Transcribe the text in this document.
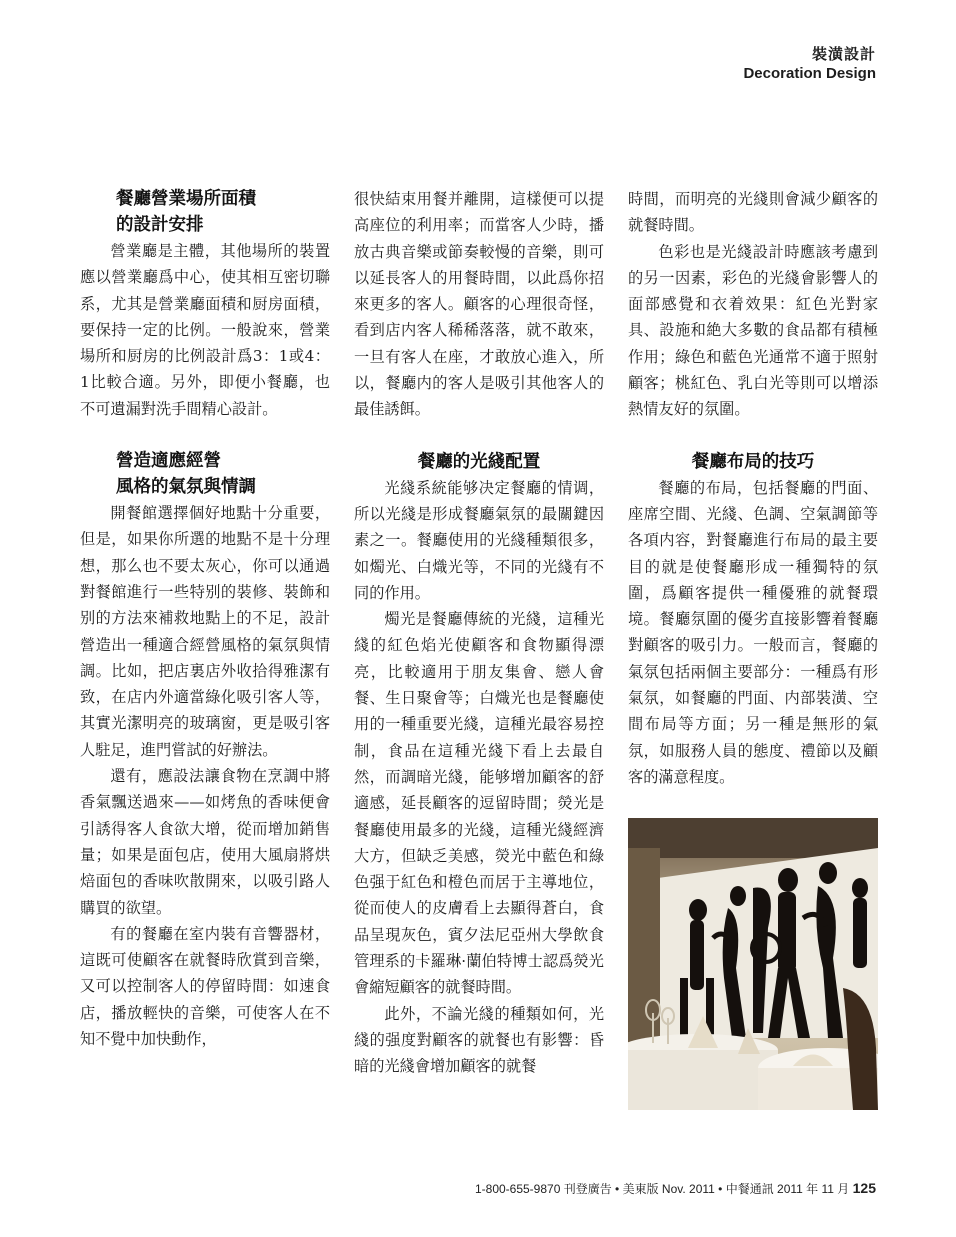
裝潢設計
Decoration Design
餐廳營業場所面積
的設計安排

營業廳是主體，其他場所的裝置應以營業廳爲中心，使其相互密切聯系，尤其是營業廳面積和厨房面積，要保持一定的比例。一般說來，營業場所和厨房的比例設計爲3：1或4：1比較合適。另外，即便小餐廳，也不可遺漏對洗手間精心設計。

營造適應經營
風格的氣氛與情調

開餐館選擇個好地點十分重要，但是，如果你所選的地點不是十分理想，那么也不要太灰心，你可以通過對餐館進行一些特别的裝修、裝飾和别的方法來補救地點上的不足，設計營造出一種適合經營風格的氣氛與情調。比如，把店裏店外收拾得雅潔有致，在店内外適當綠化吸引客人等，其實光潔明亮的玻璃窗，更是吸引客人駐足，進門嘗試的好辦法。

還有，應設法讓食物在烹調中將香氣飄送過來——如烤魚的香味便會引誘得客人食欲大增，從而增加銷售量；如果是面包店，使用大風扇將烘焙面包的香味吹散開來，以吸引路人購買的欲望。

有的餐廳在室内裝有音響器材，這既可使顧客在就餐時欣賞到音樂，又可以控制客人的停留時間：如速食店，播放輕快的音樂，可使客人在不知不覺中加快動作，

很快結束用餐并離開，這樣便可以提高座位的利用率；而當客人少時，播放古典音樂或節奏較慢的音樂，則可以延長客人的用餐時間，以此爲你招來更多的客人。顧客的心理很奇怪，看到店内客人稀稀落落，就不敢來，一旦有客人在座，才敢放心進入，所以，餐廳内的客人是吸引其他客人的最佳誘餌。

餐廳的光綫配置

光綫系統能够决定餐廳的情调，所以光綫是形成餐廳氣氛的最關鍵因素之一。餐廳使用的光綫種類很多，如燭光、白熾光等，不同的光綫有不同的作用。

燭光是餐廳傳統的光綫，這種光綫的紅色焰光使顧客和食物顯得漂亮，比較適用于朋友集會、戀人會餐、生日聚會等；白熾光也是餐廳使用的一種重要光綫，這種光最容易控制，食品在這種光綫下看上去最自然，而調暗光綫，能够增加顧客的舒適感，延長顧客的逗留時間；熒光是餐廳使用最多的光綫，這種光綫經濟大方，但缺乏美感，熒光中藍色和綠色强于紅色和橙色而居于主導地位，從而使人的皮膚看上去顯得蒼白，食品呈現灰色，賓夕法尼亞州大學飲食管理系的卡羅琳·蘭伯特博士認爲熒光會縮短顧客的就餐時間。

此外，不論光綫的種類如何，光綫的强度對顧客的就餐也有影響：昏暗的光綫會增加顧客的就餐

時間，而明亮的光綫則會減少顧客的就餐時間。

色彩也是光綫設計時應該考慮到的另一因素，彩色的光綫會影響人的面部感覺和衣着效果：紅色光對家具、設施和絶大多數的食品都有積極作用；綠色和藍色光通常不適于照射顧客；桃紅色、乳白光等則可以增添熱情友好的氛圍。

餐廳布局的技巧

餐廳的布局，包括餐廳的門面、座席空間、光綫、色調、空氣調節等各項内容，對餐廳進行布局的最主要目的就是使餐廳形成一種獨特的氛圍，爲顧客提供一種優雅的就餐環境。餐廳氛圍的優劣直接影響着餐廳對顧客的吸引力。一般而言，餐廳的氣氛包括兩個主要部分：一種爲有形氣氛，如餐廳的門面、内部裝潢、空間布局等方面；另一種是無形的氣氛，如服務人員的態度、禮節以及顧客的滿意程度。

1-800-655-9870 刊登廣告 • 美東版 Nov. 2011 • 中餐通訊 2011 年 11 月 125
